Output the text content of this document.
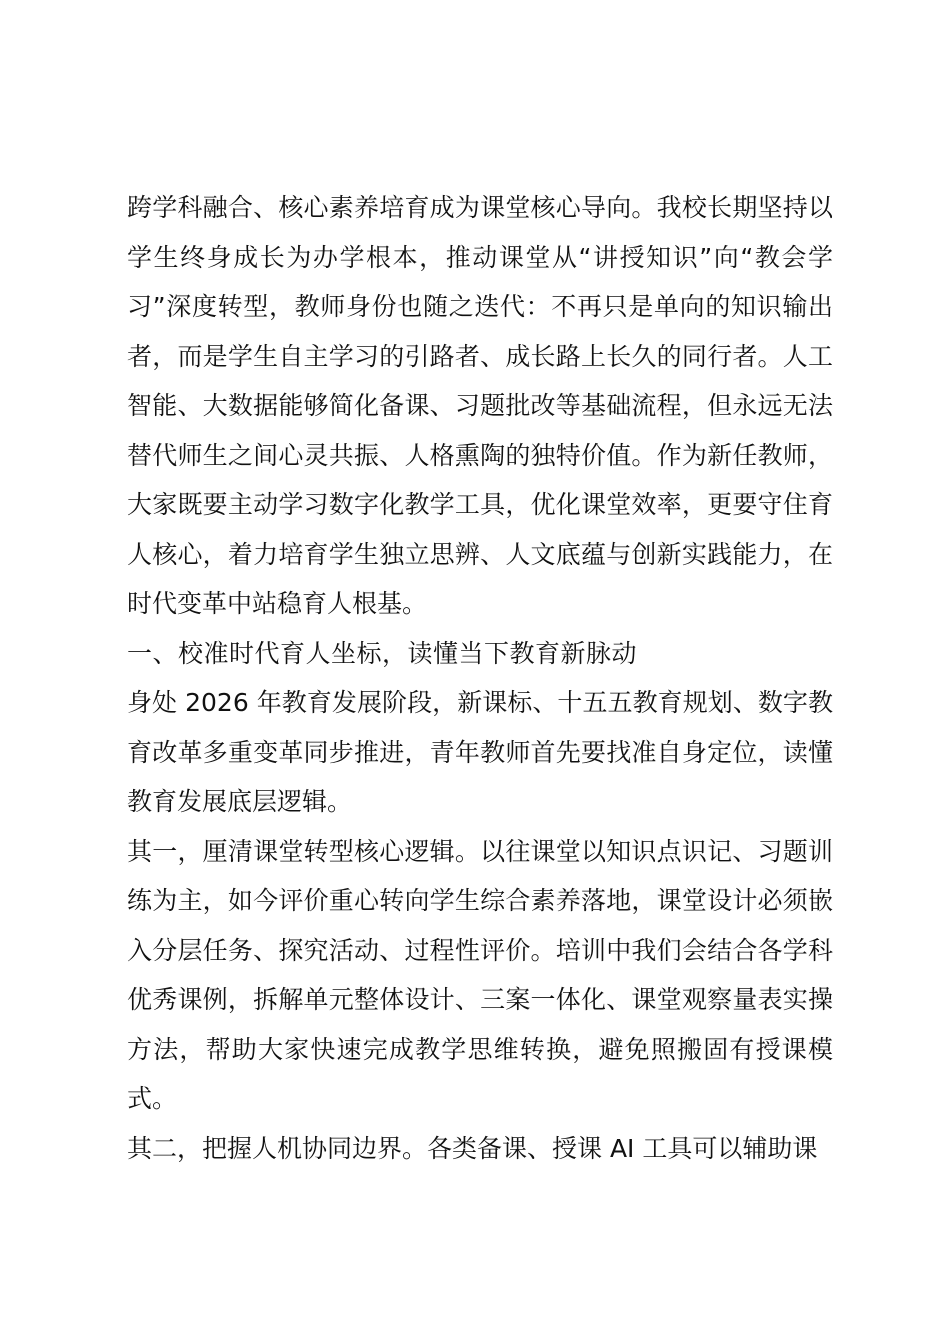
跨学科融合、核心素养培育成为课堂核心导向。我校长期坚持以学生终身成长为办学根本，推动课堂从“讲授知识”向“教会学习”深度转型，教师身份也随之迭代：不再只是单向的知识输出者，而是学生自主学习的引路者、成长路上长久的同行者。人工智能、大数据能够简化备课、习题批改等基础流程，但永远无法替代师生之间心灵共振、人格熏陶的独特价值。作为新任教师，大家既要主动学习数字化教学工具，优化课堂效率，更要守住育人核心，着力培育学生独立思辨、人文底蕴与创新实践能力，在时代变革中站稳育人根基。

一、校准时代育人坐标，读懂当下教育新脉动

身处 2026 年教育发展阶段，新课标、十五五教育规划、数字教育改革多重变革同步推进，青年教师首先要找准自身定位，读懂教育发展底层逻辑。

其一，厘清课堂转型核心逻辑。以往课堂以知识点识记、习题训练为主，如今评价重心转向学生综合素养落地，课堂设计必须嵌入分层任务、探究活动、过程性评价。培训中我们会结合各学科优秀课例，拆解单元整体设计、三案一体化、课堂观察量表实操方法，帮助大家快速完成教学思维转换，避免照搬固有授课模式。

其二，把握人机协同边界。各类备课、授课 AI 工具可以辅助课
